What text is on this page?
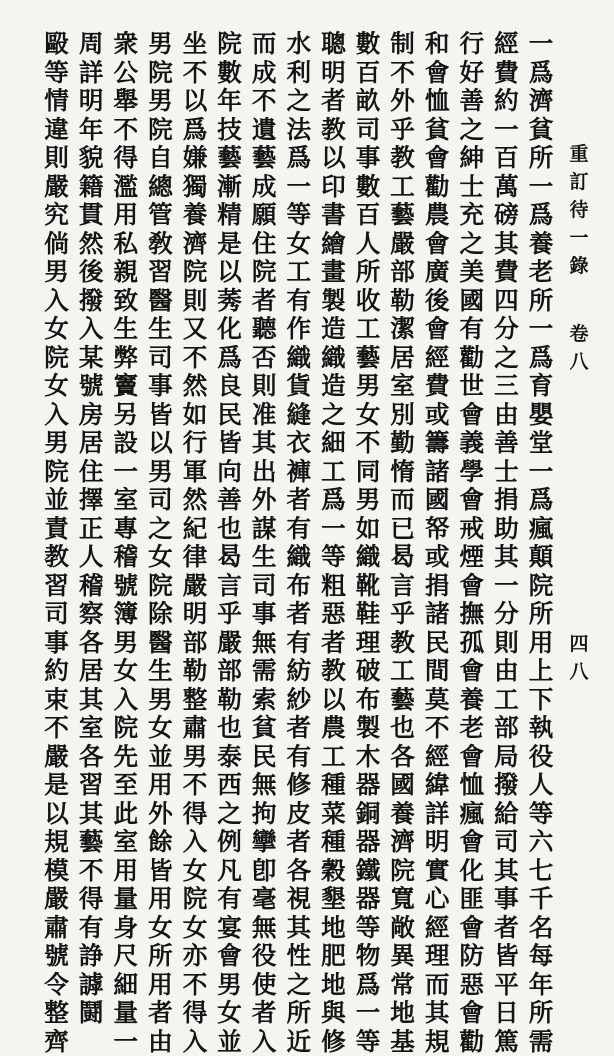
重
訂
待
一
錄
卷
八
四
八
一
爲
濟
貧
所
一
爲
養
老
所
一
爲
育
嬰
堂
一
爲
瘋
顛
院
所
用
上
下
執
役
人
等
六
七
千
名
每
年
所
需
經
費
約
一
百
萬
磅
其
費
四
分
之
三
由
善
士
捐
助
其
一
分
則
由
工
部
局
撥
給
司
其
事
者
皆
平
日
篤
行
好
善
之
紳
士
充
之
美
國
有
勸
世
會
義
學
會
戒
煙
會
撫
孤
會
養
老
會
恤
瘋
會
化
匪
會
防
惡
會
勸
和
會
恤
貧
會
勸
農
會
廣
後
會
經
費
或
籌
諸
國
帑
或
捐
諸
民
間
莫
不
經
緯
詳
明
實
心
經
理
而
其
規
制
不
外
乎
教
工
藝
嚴
部
勒
潔
居
室
別
勤
惰
而
已
曷
言
乎
教
工
藝
也
各
國
養
濟
院
寬
敞
異
常
地
基
數
百
畝
司
事
數
百
人
所
收
工
藝
男
女
不
同
男
如
織
靴
鞋
理
破
布
製
木
器
銅
器
鐵
器
等
物
爲
一
等
聰
明
者
教
以
印
書
繪
畫
製
造
織
造
之
細
工
爲
一
等
粗
惡
者
教
以
農
工
種
菜
種
穀
墾
地
肥
地
與
修
水
利
之
法
爲
一
等
女
工
有
作
織
貨
縫
衣
褲
者
有
織
布
者
有
紡
紗
者
有
修
皮
者
各
視
其
性
之
所
近
而
成
不
遺
藝
成
願
住
院
者
聽
否
則
准
其
出
外
謀
生
司
事
無
需
索
貧
民
無
拘
攣
卽
毫
無
役
使
者
入
院
數
年
技
藝
漸
精
是
以
莠
化
爲
良
民
皆
向
善
也
曷
言
乎
嚴
部
勒
也
泰
西
之
例
凡
有
宴
會
男
女
並
坐
不
以
爲
嫌
獨
養
濟
院
則
又
不
然
如
行
軍
然
紀
律
嚴
明
部
勒
整
肅
男
不
得
入
女
院
女
亦
不
得
入
男
院
男
院
自
總
管
敎
習
醫
生
司
事
皆
以
男
司
之
女
院
除
醫
生
男
女
並
用
外
餘
皆
用
女
所
用
者
由
衆
公
舉
不
得
濫
用
私
親
致
生
弊
竇
另
設
一
室
專
稽
號
簿
男
女
入
院
先
至
此
室
用
量
身
尺
細
量
一
周
詳
明
年
貌
籍
貫
然
後
撥
入
某
號
房
居
住
擇
正
人
稽
察
各
居
其
室
各
習
其
藝
不
得
有
諍
謼
鬪
毆
等
情
違
則
嚴
究
倘
男
入
女
院
女
入
男
院
並
責
教
習
司
事
約
束
不
嚴
是
以
規
模
嚴
肅
號
令
整
齊
